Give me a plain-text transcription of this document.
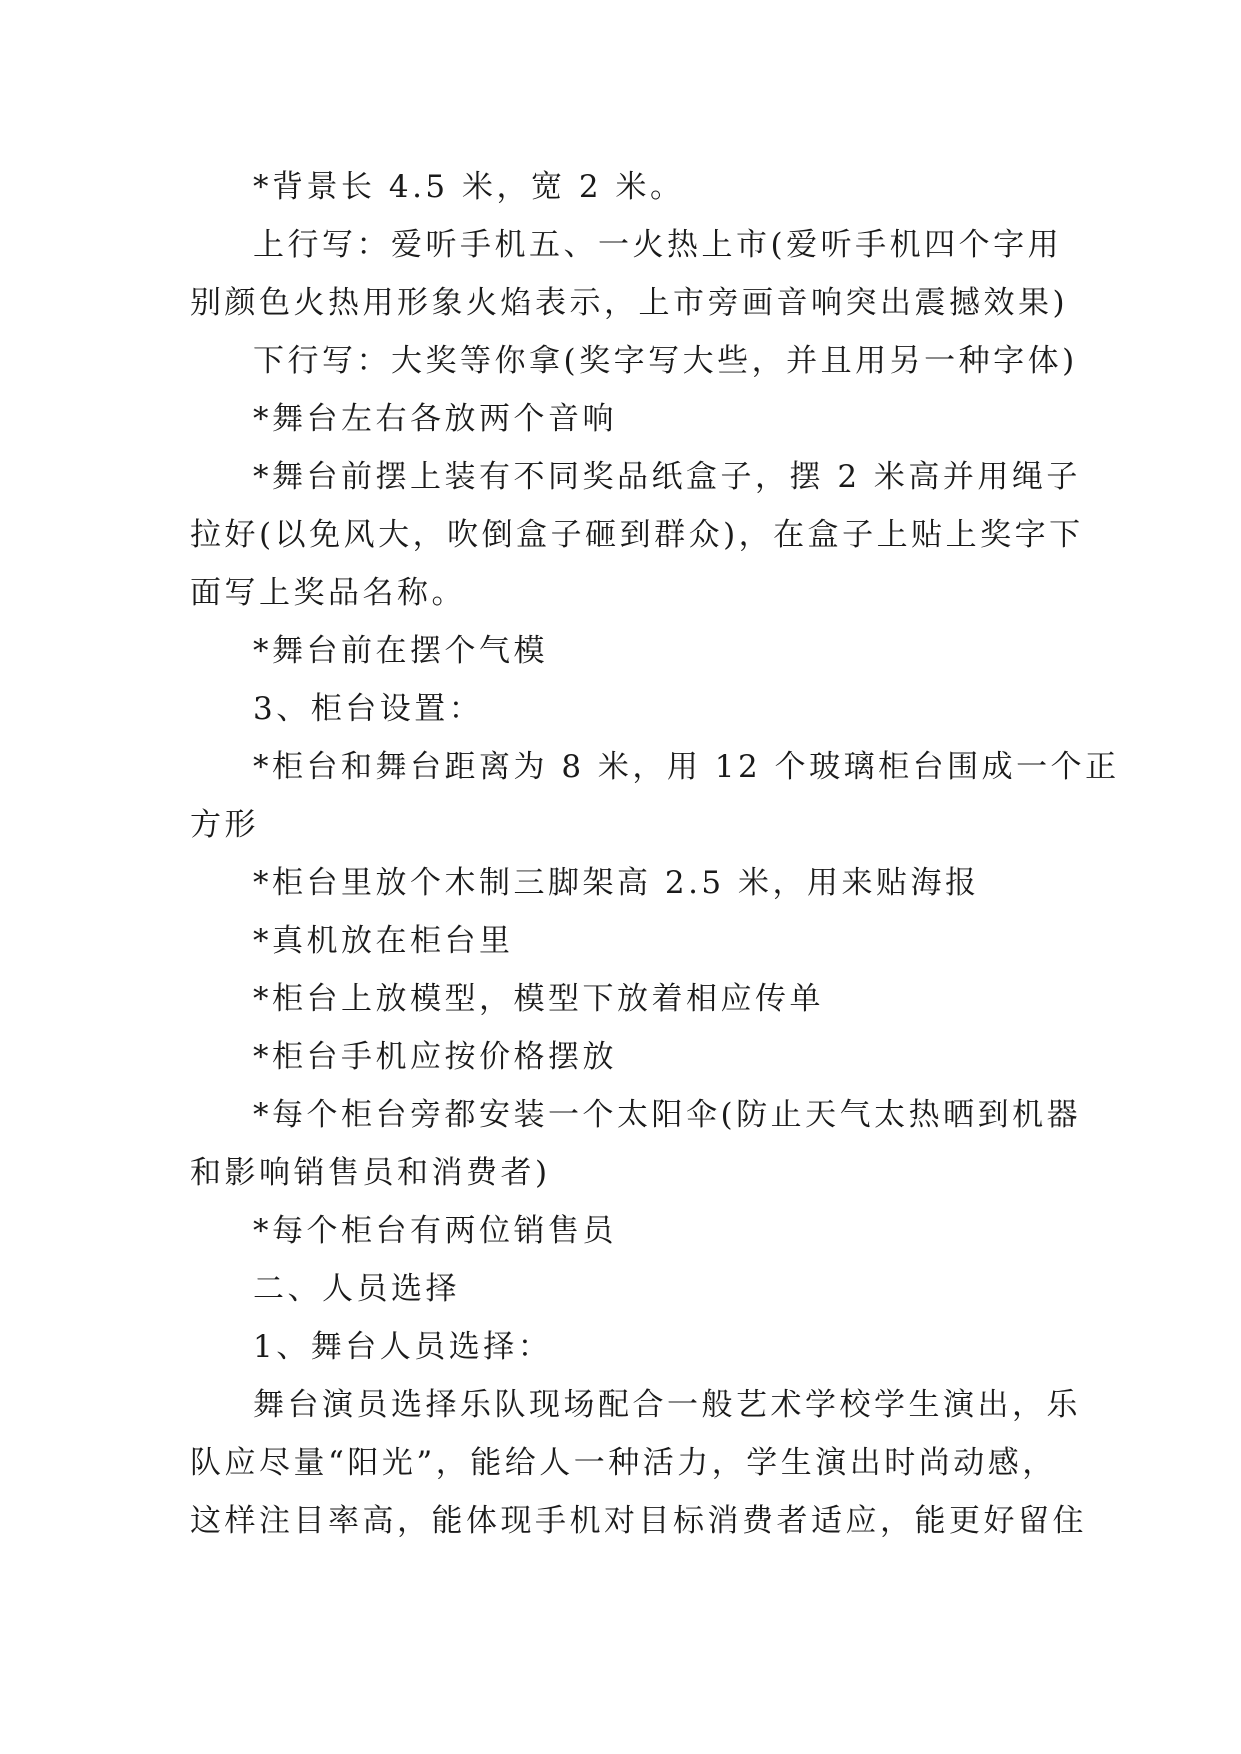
*背景长 4.5 米，宽 2 米。
上行写：爱听手机五、一火热上市(爱听手机四个字用
别颜色火热用形象火焰表示，上市旁画音响突出震撼效果)
下行写：大奖等你拿(奖字写大些，并且用另一种字体)
*舞台左右各放两个音响
*舞台前摆上装有不同奖品纸盒子，摆 2 米高并用绳子
拉好(以免风大，吹倒盒子砸到群众)，在盒子上贴上奖字下
面写上奖品名称。
*舞台前在摆个气模
3、柜台设置：
*柜台和舞台距离为 8 米，用 12 个玻璃柜台围成一个正
方形
*柜台里放个木制三脚架高 2.5 米，用来贴海报
*真机放在柜台里
*柜台上放模型，模型下放着相应传单
*柜台手机应按价格摆放
*每个柜台旁都安装一个太阳伞(防止天气太热晒到机器
和影响销售员和消费者)
*每个柜台有两位销售员
二、人员选择
1、舞台人员选择：
舞台演员选择乐队现场配合一般艺术学校学生演出，乐
队应尽量“阳光”，能给人一种活力，学生演出时尚动感，
这样注目率高，能体现手机对目标消费者适应，能更好留住
